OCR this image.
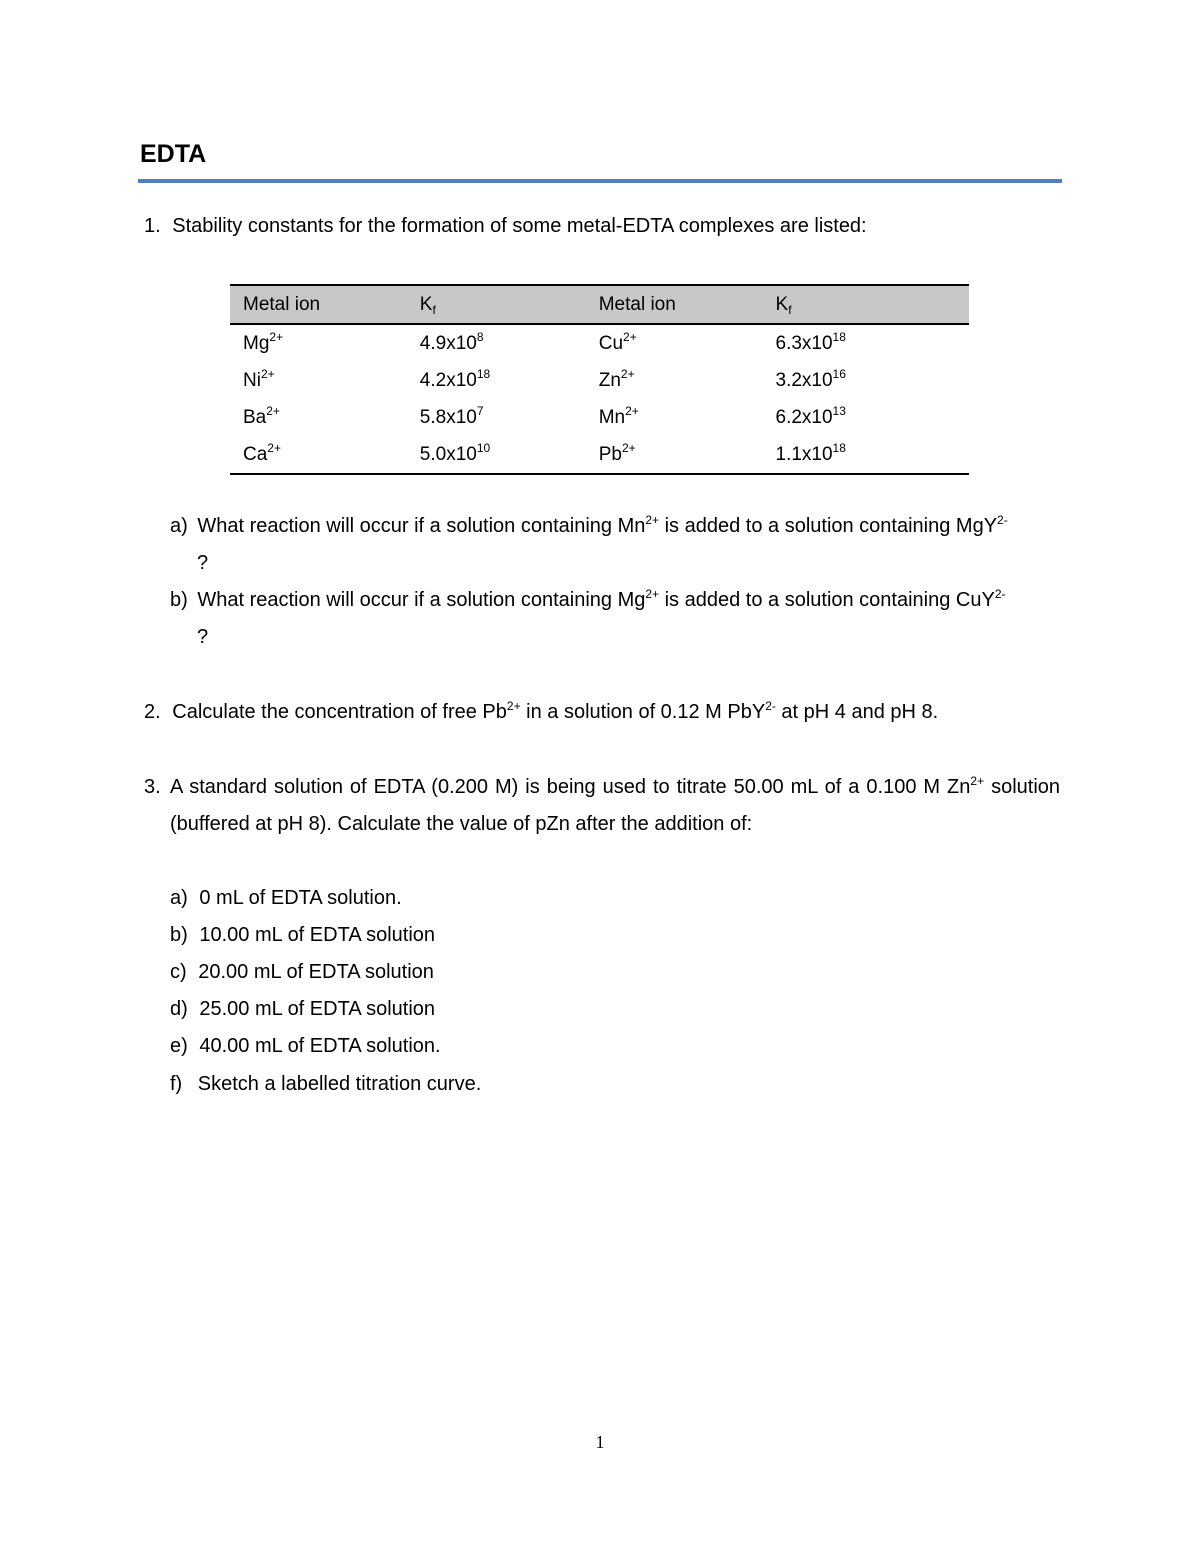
EDTA
1. Stability constants for the formation of some metal-EDTA complexes are listed:
Metal ion	$K_f$	Metal ion	$K_f$
$Mg^{2+}$	$4.9x10^8$	$Cu^{2+}$	$6.3x10^{18}$
$Ni^{2+}$	$4.2x10^{18}$	$Zn^{2+}$	$3.2x10^{16}$
$Ba^{2+}$	$5.8x10^7$	$Mn^{2+}$	$6.2x10^{13}$
$Ca^{2+}$	$5.0x10^{10}$	$Pb^{2+}$	$1.1x10^{18}$
a) What reaction will occur if a solution containing $Mn^{2+}$ is added to a solution containing MgY$^{2-}$
?
b) What reaction will occur if a solution containing $Mg^{2+}$ is added to a solution containing CuY$^{2-}$
?
2. Calculate the concentration of free $Pb^{2+}$ in a solution of 0.12 M PbY$^{2-}$ at pH 4 and pH 8.
3. A standard solution of EDTA (0.200 M) is being used to titrate 50.00 mL of a 0.100 M $Zn^{2+}$ solution (buffered at pH 8). Calculate the value of pZn after the addition of:
a) 0 mL of EDTA solution.
b) 10.00 mL of EDTA solution
c) 20.00 mL of EDTA solution
d) 25.00 mL of EDTA solution
e) 40.00 mL of EDTA solution.
f) Sketch a labelled titration curve.
1
